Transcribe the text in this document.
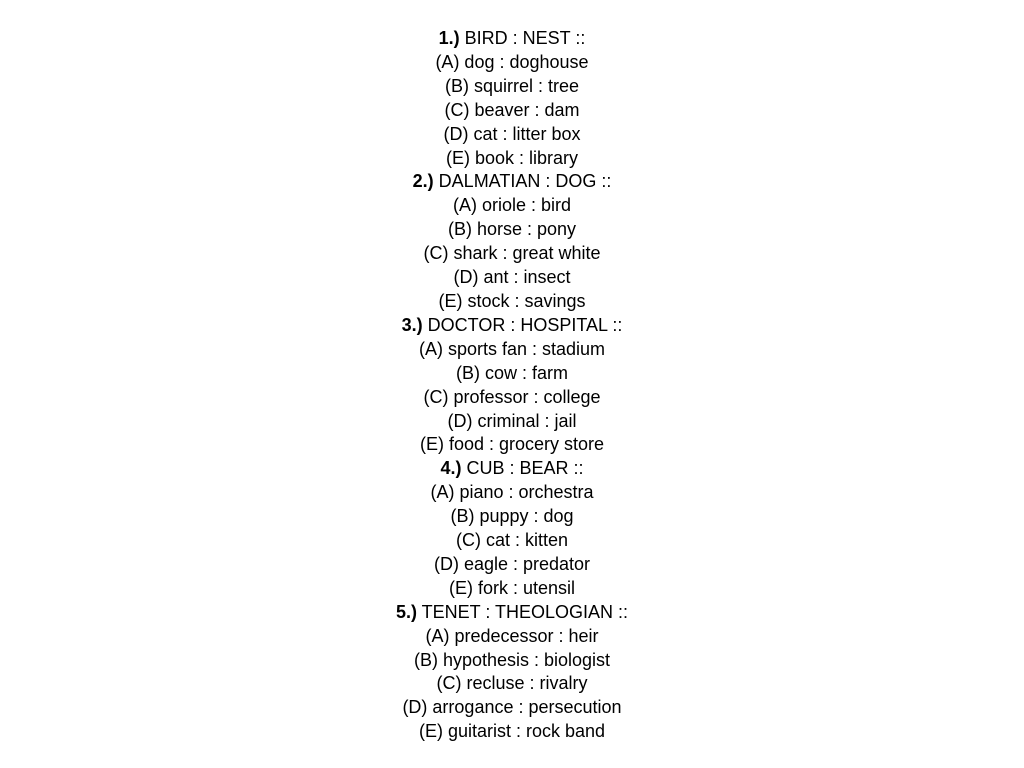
1.) BIRD : NEST ::
(A) dog : doghouse
(B) squirrel : tree
(C) beaver : dam
(D) cat : litter box
(E) book : library
2.) DALMATIAN : DOG ::
(A) oriole : bird
(B) horse : pony
(C) shark : great white
(D) ant : insect
(E) stock : savings
3.) DOCTOR : HOSPITAL ::
(A) sports fan : stadium
(B) cow : farm
(C) professor : college
(D) criminal : jail
(E) food : grocery store
4.) CUB : BEAR ::
(A) piano : orchestra
(B) puppy : dog
(C) cat : kitten
(D) eagle : predator
(E) fork : utensil
5.) TENET : THEOLOGIAN ::
(A) predecessor : heir
(B) hypothesis : biologist
(C) recluse : rivalry
(D) arrogance : persecution
(E) guitarist : rock band
